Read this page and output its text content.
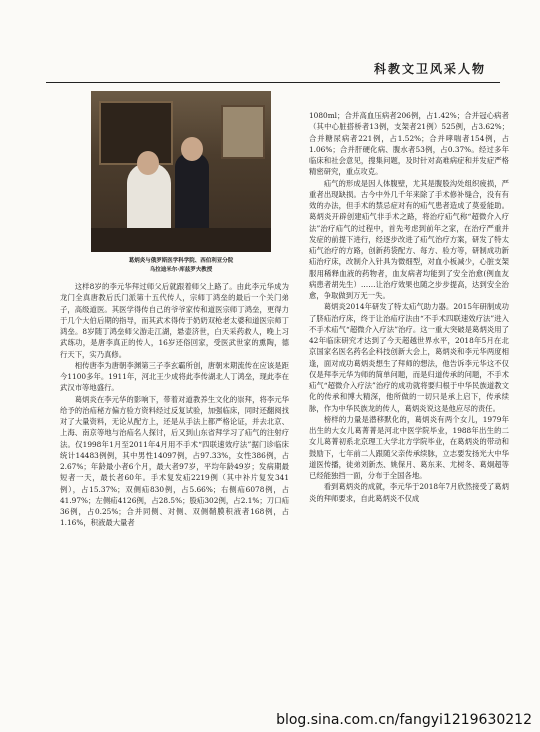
科教文卫风采人物
葛炳炎与俄罗斯医学科学院、西伯利亚分院
乌拉迪米尔·库兹罗夫教授

这样8岁的李元华拜过师父后就跟着师父上路了。由此李元华成为龙门全真唐教后氏门派第十五代传人，宗师丁鸿垒的最后一个关门弟子，高级道医。其医学得传自己的爷爷家传和道医宗师丁鸿垒，更得力于几个大伯后期的指导，而其武术得传于奶奶双枪老太婆和道医宗师丁鸿垒。8岁随丁鸿垒师父游走江湖，悬壶济世，白天采药救人，晚上习武练功，是唐李真正的传人，16岁还俗回家，受医武世家的熏陶，德行天下，实乃真修。

相传唐李为唐朝李渊第三子李玄霸所创，唐朝末期流传在应该是距今1100多年。1911年，河北王少成将此李传湖北人丁鸿垒，现此李在武汉市等地盛行。

葛炳炎在李元华的影响下，带着对道教养生文化的崇拜，将李元华给予的治疝秘方偏方验方资料经过反复试验，加强临床，同时还翻阅找对了大量资料，无论从配方上，还是从手法上都严格论证，并去北京、上海、南京等地与治疝名人探讨，后又到山东省拜学习了疝气的注射疗法。仅1998年1月至2011年4月用不手术“四联速效疗法”据门诊临床统计14483例例，其中男性14097例，占97.33%，女性386例，占2.67%；年龄最小者6个月，最大者97岁，平均年龄49岁；发病期最短者一天，最长者60年。手术复发疝2219例（其中补片复发341例），占15.37%；双侧疝830例，占5.66%；右侧疝6078例，占41.97%；左侧疝4126例，占28.5%；股疝302例，占2.1%；刀口疝36例，占0.25%；合并同侧、对侧、双侧鞘膜积液者168例，占1.16%，积液最大量者

1080ml；合并高血压病者206例，占1.42%；合并冠心病者（其中心脏搭桥者13例，支架者21例）525例，占3.62%；合并糖尿病者221例，占1.52%；合并哮喘者154例，占1.06%；合并肝硬化病、腹水者53例，占0.37%。经过多年临床和社会意见，搜集问题，及时针对高难病症和并发症严格精密研究，重点攻克。

疝气的形成是因人体腹壁，尤其是腹股沟处组织疲损，严重者出现缺损。古今中外几千年来除了手术修补缝合，没有有效的办法，但手术的禁忌症对有的疝气患者造成了莫爱能助。葛炳炎开辟创建疝气非手术之路，将治疗疝气称“超微介入疗法”治疗疝气的过程中，首先考虑到前年之家，在治疗严重并发症的前提下进行，经逐步改进了疝气治疗方案，研发了特太疝气治疗的方路，创新药袋配方、每方、验方等，研制成功新疝治疗床，改制介入针具为微细型，对血小板减少，心脏支架服用稀释血液的药物者，血友病者均能到了安全治愈(例血友病患者胡先生）……让治疗效果也随之步步提高，达到安全治愈，争取做到万无一失。

葛炳炎2014年研发了特太疝气助力器。2015年研制成功了脐疝治疗床，终于让治疝疗法由“不手术四联速效疗法”进入不手术疝气“超微介入疗法”治疗。这一重大突破是葛炳炎用了42年临床研究才达到了今天超越世界水平，2018年5月在北京国家名医名药名企科技创新大会上，葛炳炎和李元华两度相逢，面对成功葛炳炎想生了拜师的想法，他告诉李元华这不仅仅是拜李元华为师的简单问题，而是归道传承的问题，不手术疝气“超微介入疗法”治疗的成功就将要归根于中华民族道教文化的传承和博大精深，他所做的一切只是承上启下，传承续脉，作为中华民族龙的传人，葛炳炎说这是他应尽的责任。

榜样的力量是潜移默化的，葛炳炎有两个女儿，1979年出生的大女儿葛菁菁是河北中医学院毕业，1988年出生的二女儿葛菁初系北京理工大学北方学院毕业，在葛炳炎的带动和鼓励下，七年前二人跟随父亲传承续脉，立志要发扬光大中华道医传播，徒弟刘新杰、姚保月、葛东来、尤树冬、葛炯超等已经能独挡一面，分布于全国各地。

看到葛炳炎的成就，李元华于2018年7月欣然接受了葛炳炎的拜师要求，自此葛炳炎不仅成

blog.sina.com.cn/fangyi1219630212
